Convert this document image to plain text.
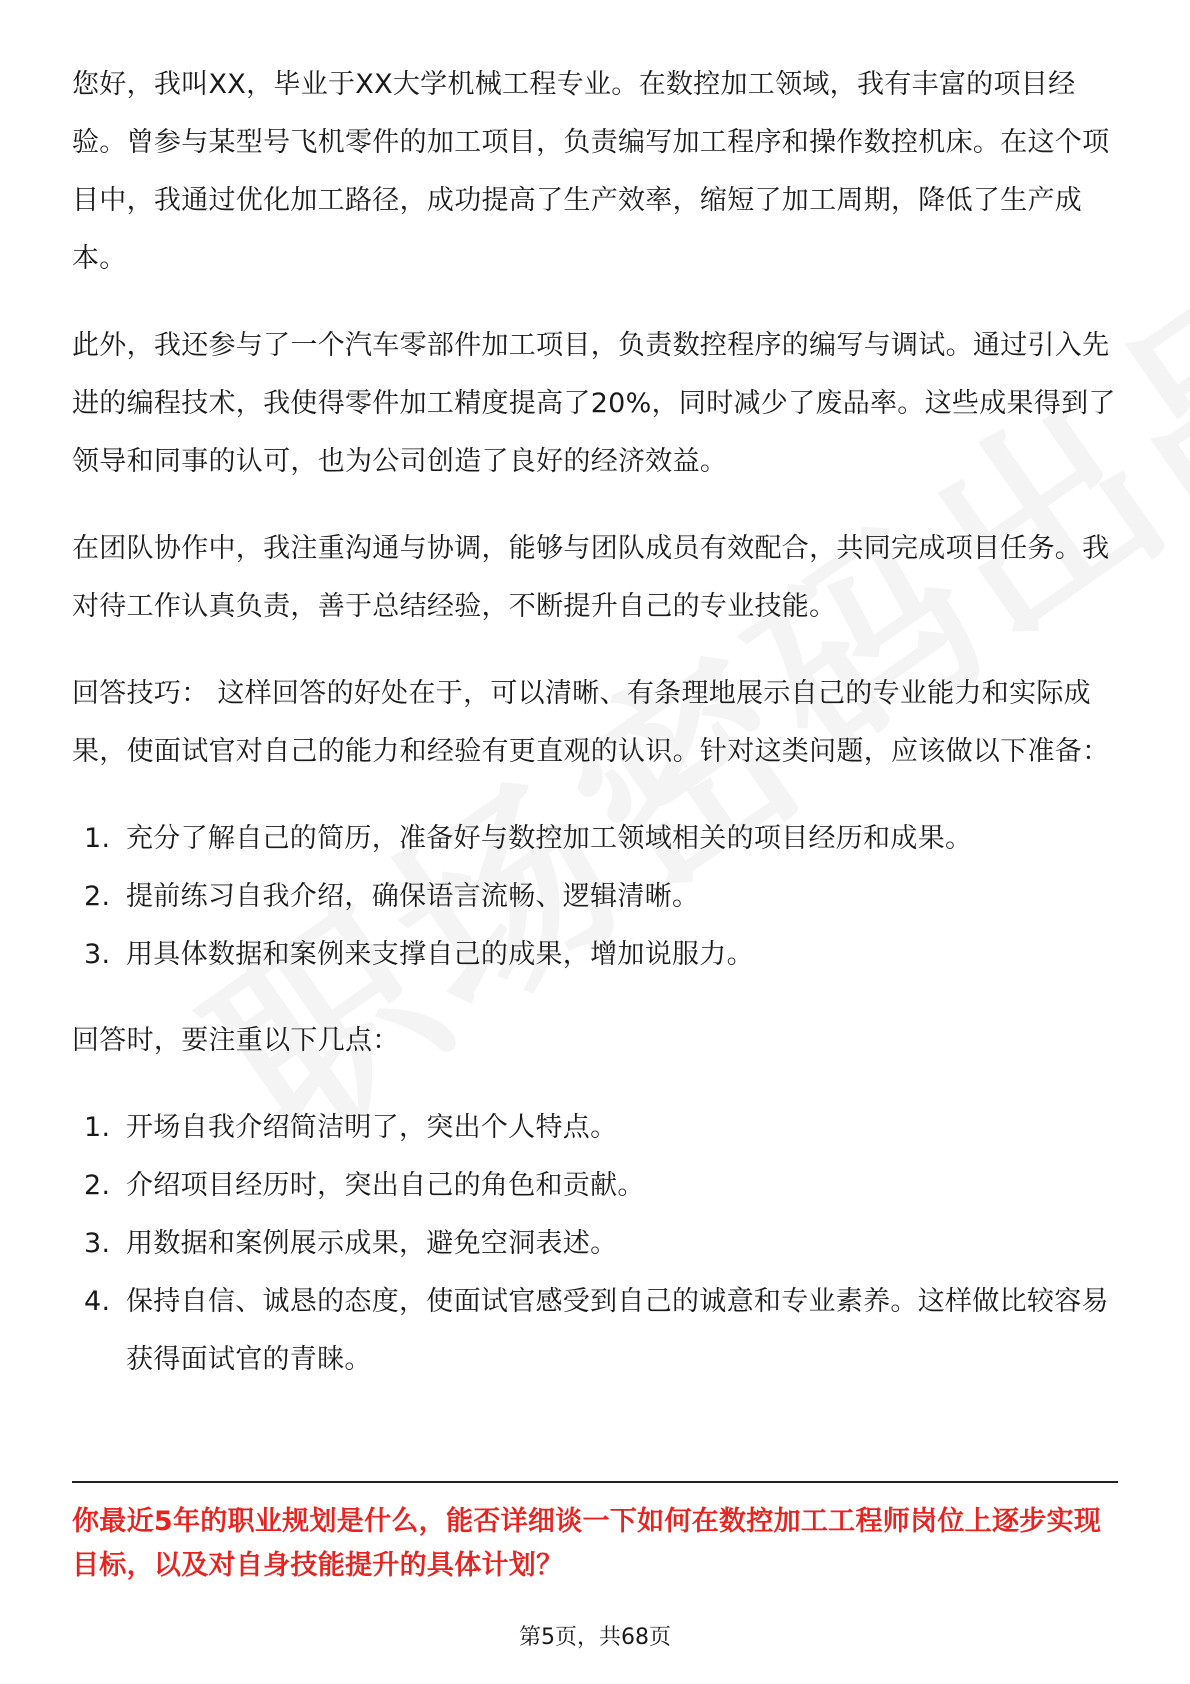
您好，我叫XX，毕业于XX大学机械工程专业。在数控加工领域，我有丰富的项目经验。曾参与某型号飞机零件的加工项目，负责编写加工程序和操作数控机床。在这个项目中，我通过优化加工路径，成功提高了生产效率，缩短了加工周期，降低了生产成本。

此外，我还参与了一个汽车零部件加工项目，负责数控程序的编写与调试。通过引入先进的编程技术，我使得零件加工精度提高了20%，同时减少了废品率。这些成果得到了领导和同事的认可，也为公司创造了良好的经济效益。

在团队协作中，我注重沟通与协调，能够与团队成员有效配合，共同完成项目任务。我对待工作认真负责，善于总结经验，不断提升自己的专业技能。

回答技巧： 这样回答的好处在于，可以清晰、有条理地展示自己的专业能力和实际成果，使面试官对自己的能力和经验有更直观的认识。针对这类问题，应该做以下准备：

1. 充分了解自己的简历，准备好与数控加工领域相关的项目经历和成果。
2. 提前练习自我介绍，确保语言流畅、逻辑清晰。
3. 用具体数据和案例来支撑自己的成果，增加说服力。

回答时，要注重以下几点：

1. 开场自我介绍简洁明了，突出个人特点。
2. 介绍项目经历时，突出自己的角色和贡献。
3. 用数据和案例展示成果，避免空洞表述。
4. 保持自信、诚恳的态度，使面试官感受到自己的诚意和专业素养。这样做比较容易获得面试官的青睐。
你最近5年的职业规划是什么，能否详细谈一下如何在数控加工工程师岗位上逐步实现目标，以及对自身技能提升的具体计划？
第5页，共68页
